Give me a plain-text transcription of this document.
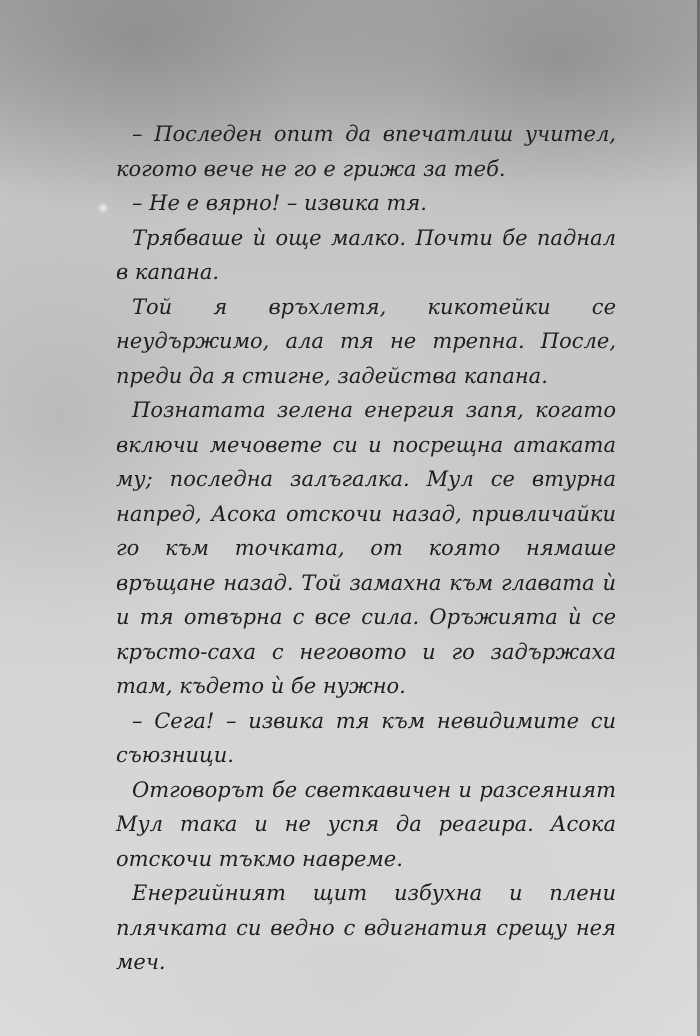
– Последен опит да впечатлиш учител, когото вече не го е грижа за теб.

– Не е вярно! – извика тя.

Трябваше ѝ още малко. Почти бе паднал в капана.

Той я връхлетя, кикотейки се неудържимо, ала тя не трепна. После, преди да я стигне, задейства капана.

Познатата зелена енергия запя, когато включи мечовете си и посрещна атаката му; последна залъгалка. Мул се втурна напред, Асока отскочи назад, привличайки го към точката, от която нямаше връщане назад. Той замахна към главата ѝ и тя отвърна с все сила. Оръжията ѝ се кръсто-саха с неговото и го задържаха там, където ѝ бе нужно.

– Сега! – извика тя към невидимите си съюзници.

Отговорът бе светкавичен и разсеяният Мул така и не успя да реагира. Асока отскочи тъкмо навреме.

Енергийният щит избухна и плени плячката си ведно с вдигнатия срещу нея меч.
